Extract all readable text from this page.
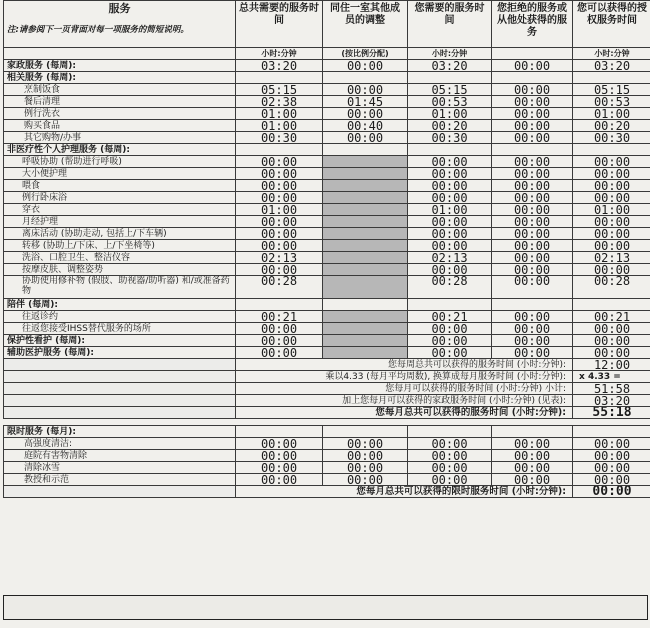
服务
注:请参阅下一页背面对每一项服务的简短说明。	总共需要的服务时间	同住一室其他成员的调整	您需要的服务时间	您拒绝的服务或从他处获得的服务	您可以获得的授权服务时间
	小时:分钟	(按比例分配)	小时:分钟		小时:分钟
家政服务 (每周):	03:20	00:00	03:20	00:00	03:20
相关服务 (每周):					
烹制饭食	05:15	00:00	05:15	00:00	05:15
餐后清理	02:38	01:45	00:53	00:00	00:53
例行洗衣	01:00	00:00	01:00	00:00	01:00
购买食品	01:00	00:40	00:20	00:00	00:20
其它购物/办事	00:30	00:00	00:30	00:00	00:30
非医疗性个人护理服务 (每周):					
呼吸协助 (帮助进行呼吸)	00:00		00:00	00:00	00:00
大小便护理	00:00		00:00	00:00	00:00
喂食	00:00		00:00	00:00	00:00
例行卧床浴	00:00		00:00	00:00	00:00
穿衣	01:00		01:00	00:00	01:00
月经护理	00:00		00:00	00:00	00:00
离床活动 (协助走动, 包括上/下车辆)	00:00		00:00	00:00	00:00
转移 (协助上/下床、上/下坐椅等)	00:00		00:00	00:00	00:00
洗浴、口腔卫生、整洁仪容	02:13		02:13	00:00	02:13
按摩皮肤、调整姿势	00:00		00:00	00:00	00:00
协助使用修补物 (假肢、助视器/助听器) 和/或准备药物	00:28		00:28	00:00	00:28
陪伴 (每周):					
往返诊约	00:21		00:21	00:00	00:21
往返您接受IHSS替代服务的场所	00:00		00:00	00:00	00:00
保护性看护 (每周):	00:00		00:00	00:00	00:00
辅助医护服务 (每周):	00:00		00:00	00:00	00:00
	您每周总共可以获得的服务时间 (小时:分钟):				12:00
	乘以4.33 (每月平均周数), 换算成每月服务时间 (小时:分钟):				x 4.33 =
	您每月可以获得的服务时间 (小时:分钟) 小计:				51:58
	加上您每月可以获得的家政服务时间 (小时:分钟) (见表):				03:20
	您每月总共可以获得的服务时间 (小时:分钟):				55:18

限时服务 (每月):					
高强度清洁:	00:00	00:00	00:00	00:00	00:00
庭院有害物清除	00:00	00:00	00:00	00:00	00:00
清除冰雪	00:00	00:00	00:00	00:00	00:00
教授和示范	00:00	00:00	00:00	00:00	00:00
	您每月总共可以获得的限时服务时间 (小时:分钟):				00:00
